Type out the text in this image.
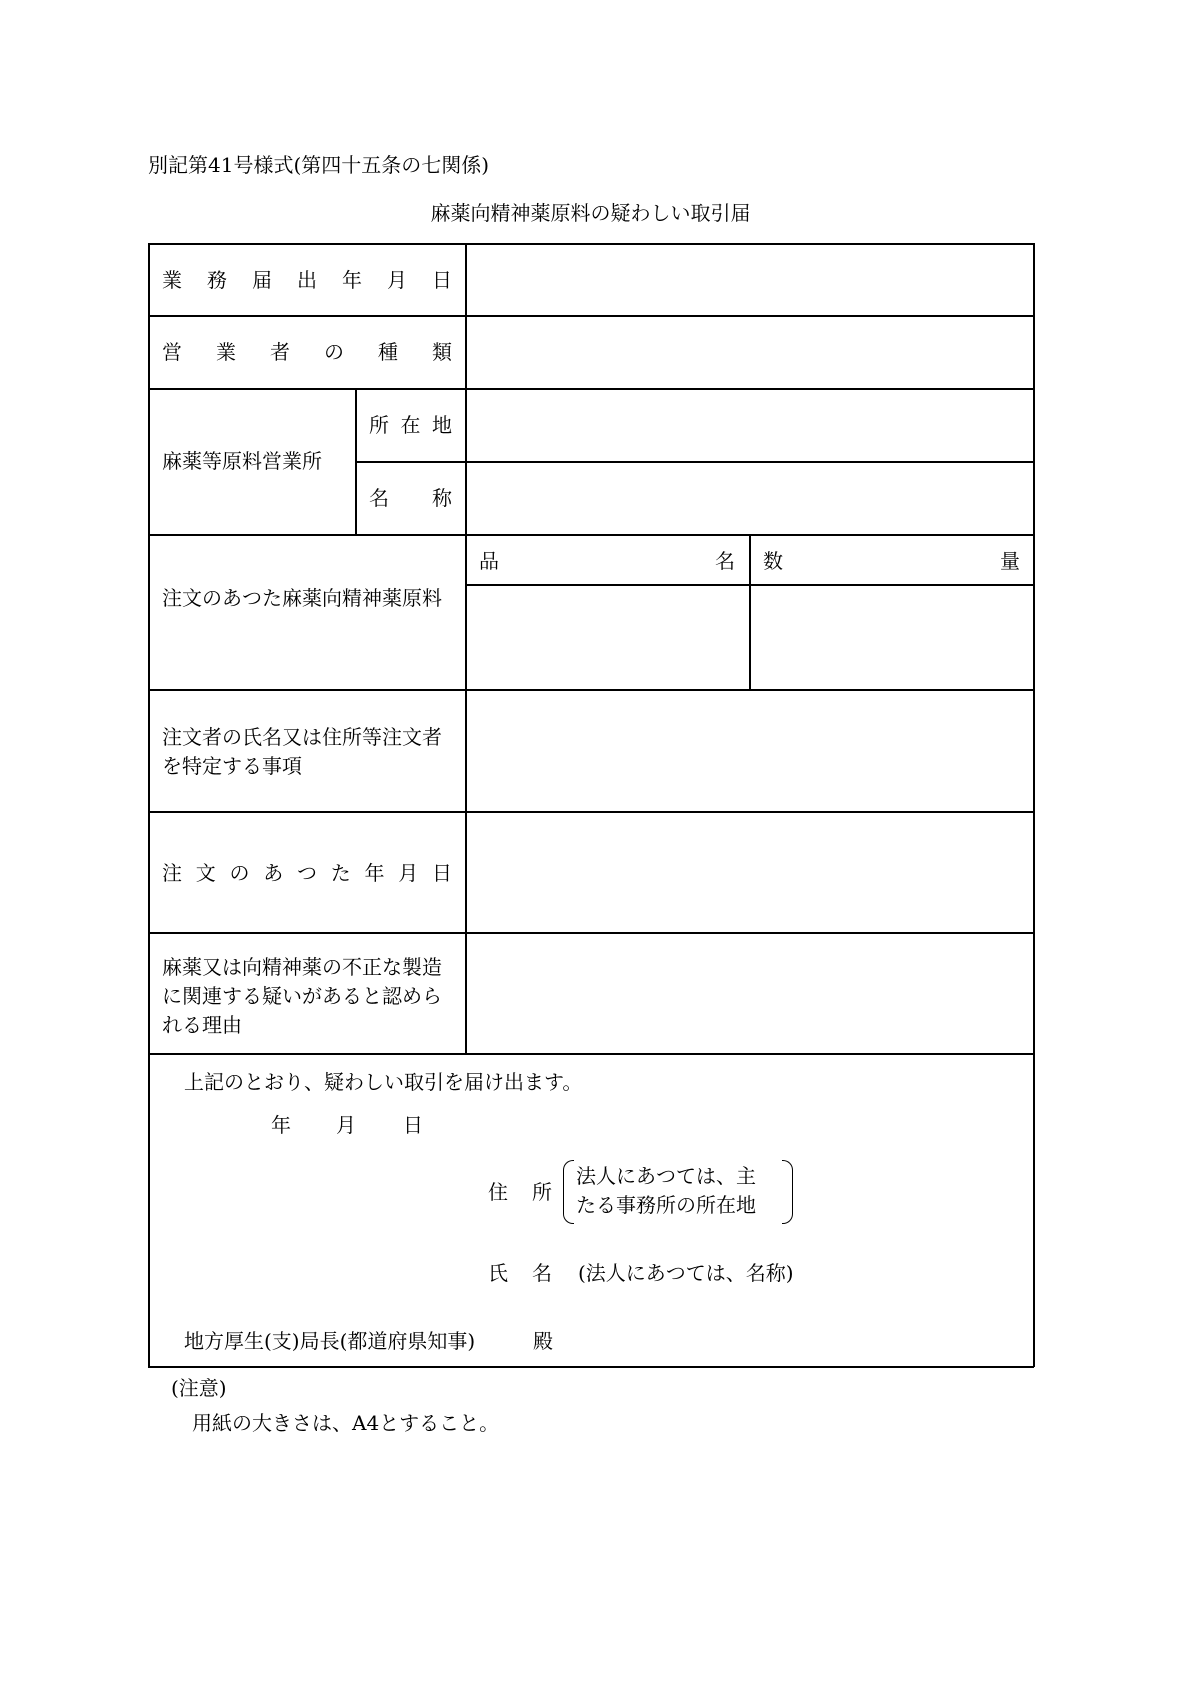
別記第41号様式(第四十五条の七関係)
麻薬向精神薬原料の疑わしい取引届
業務届出年月日
営業者の種類
麻薬等原料営業所
所在地
名称
注文のあつた麻薬向精神薬原料
品名 数量
注文者の氏名又は住所等注文者を特定する事項
注文のあつた年月日
麻薬又は向精神薬の不正な製造に関連する疑いがあると認められる理由
上記のとおり、疑わしい取引を届け出ます。
年 月 日
住所
法人にあつては、主
たる事務所の所在地
氏名 (法人にあつては、名称)
地方厚生(支)局長(都道府県知事)	殿
(注意)
用紙の大きさは、A4とすること。
